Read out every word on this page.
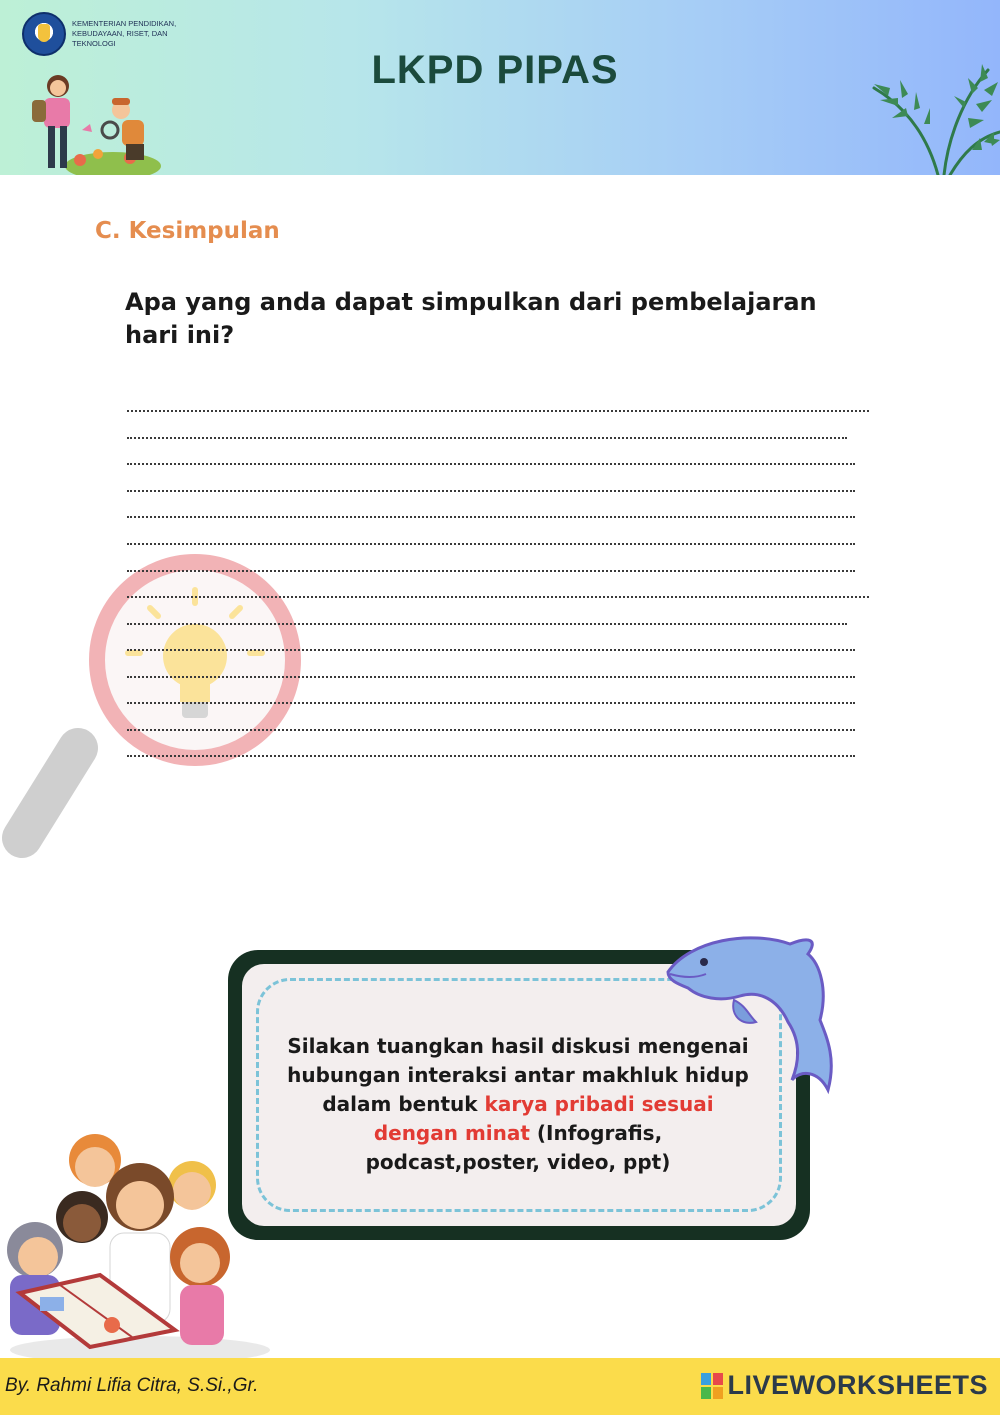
KEMENTERIAN PENDIDIKAN,
KEBUDAYAAN, RISET, DAN
TEKNOLOGI
LKPD PIPAS
C. Kesimpulan
Apa yang anda dapat simpulkan dari pembelajaran
hari ini?
Silakan tuangkan hasil diskusi mengenai
hubungan interaksi antar makhluk hidup
dalam bentuk karya pribadi sesuai
dengan minat (Infografis,
podcast,poster, video, ppt)
By. Rahmi Lifia Citra, S.Si.,Gr.	LIVEWORKSHEETS
